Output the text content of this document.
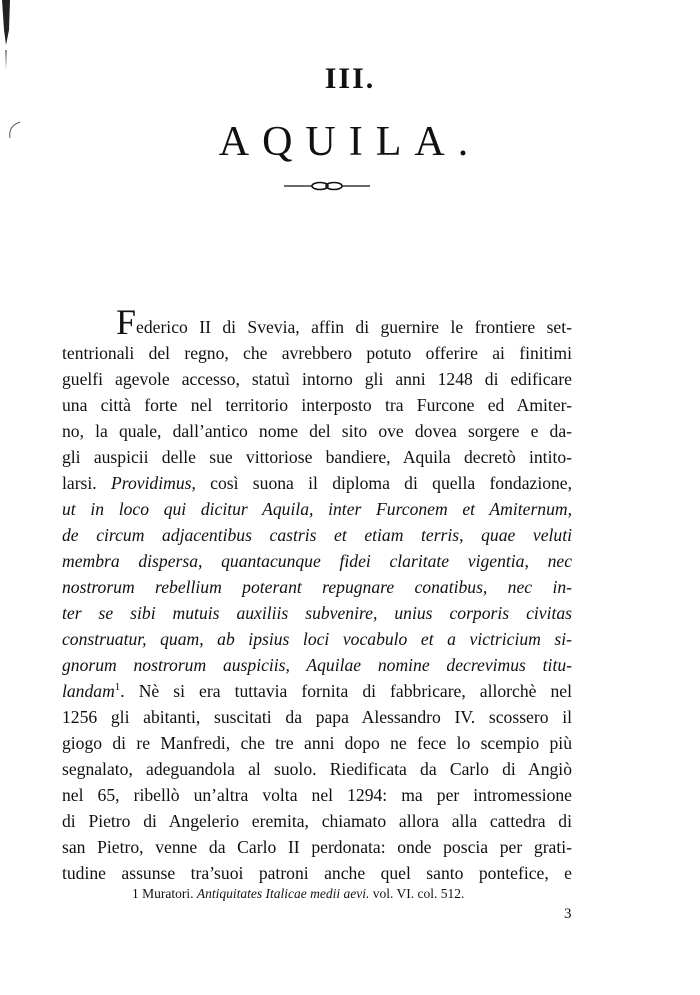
III.
AQUILA.
Federico II di Svevia, affin di guernire le frontiere set-
tentrionali del regno, che avrebbero potuto offerire ai finitimi
guelfi agevole accesso, statuì intorno gli anni 1248 di edificare
una città forte nel territorio interposto tra Furcone ed Amiter-
no, la quale, dall’antico nome del sito ove dovea sorgere e da-
gli auspicii delle sue vittoriose bandiere, Aquila decretò intito-
larsi. Providimus, così suona il diploma di quella fondazione,
ut in loco qui dicitur Aquila, inter Furconem et Amiternum,
de circum adjacentibus castris et etiam terris, quae veluti
membra dispersa, quantacunque fidei claritate vigentia, nec
nostrorum rebellium poterant repugnare conatibus, nec in-
ter se sibi mutuis auxiliis subvenire, unius corporis civitas
construatur, quam, ab ipsius loci vocabulo et a victricium si-
gnorum nostrorum auspiciis, Aquilae nomine decrevimus titu-
landam$^1$. Nè si era tuttavia fornita di fabbricare, allorchè nel
1256 gli abitanti, suscitati da papa Alessandro IV. scossero il
giogo di re Manfredi, che tre anni dopo ne fece lo scempio più
segnalato, adeguandola al suolo. Riedificata da Carlo di Angiò
nel 65, ribellò un’altra volta nel 1294: ma per intromessione
di Pietro di Angelerio eremita, chiamato allora alla cattedra di
san Pietro, venne da Carlo II perdonata: onde poscia per grati-
tudine assunse tra’suoi patroni anche quel santo pontefice, e
1 Muratori. Antiquitates Italicae medii aevi. vol. VI. col. 512.
3
